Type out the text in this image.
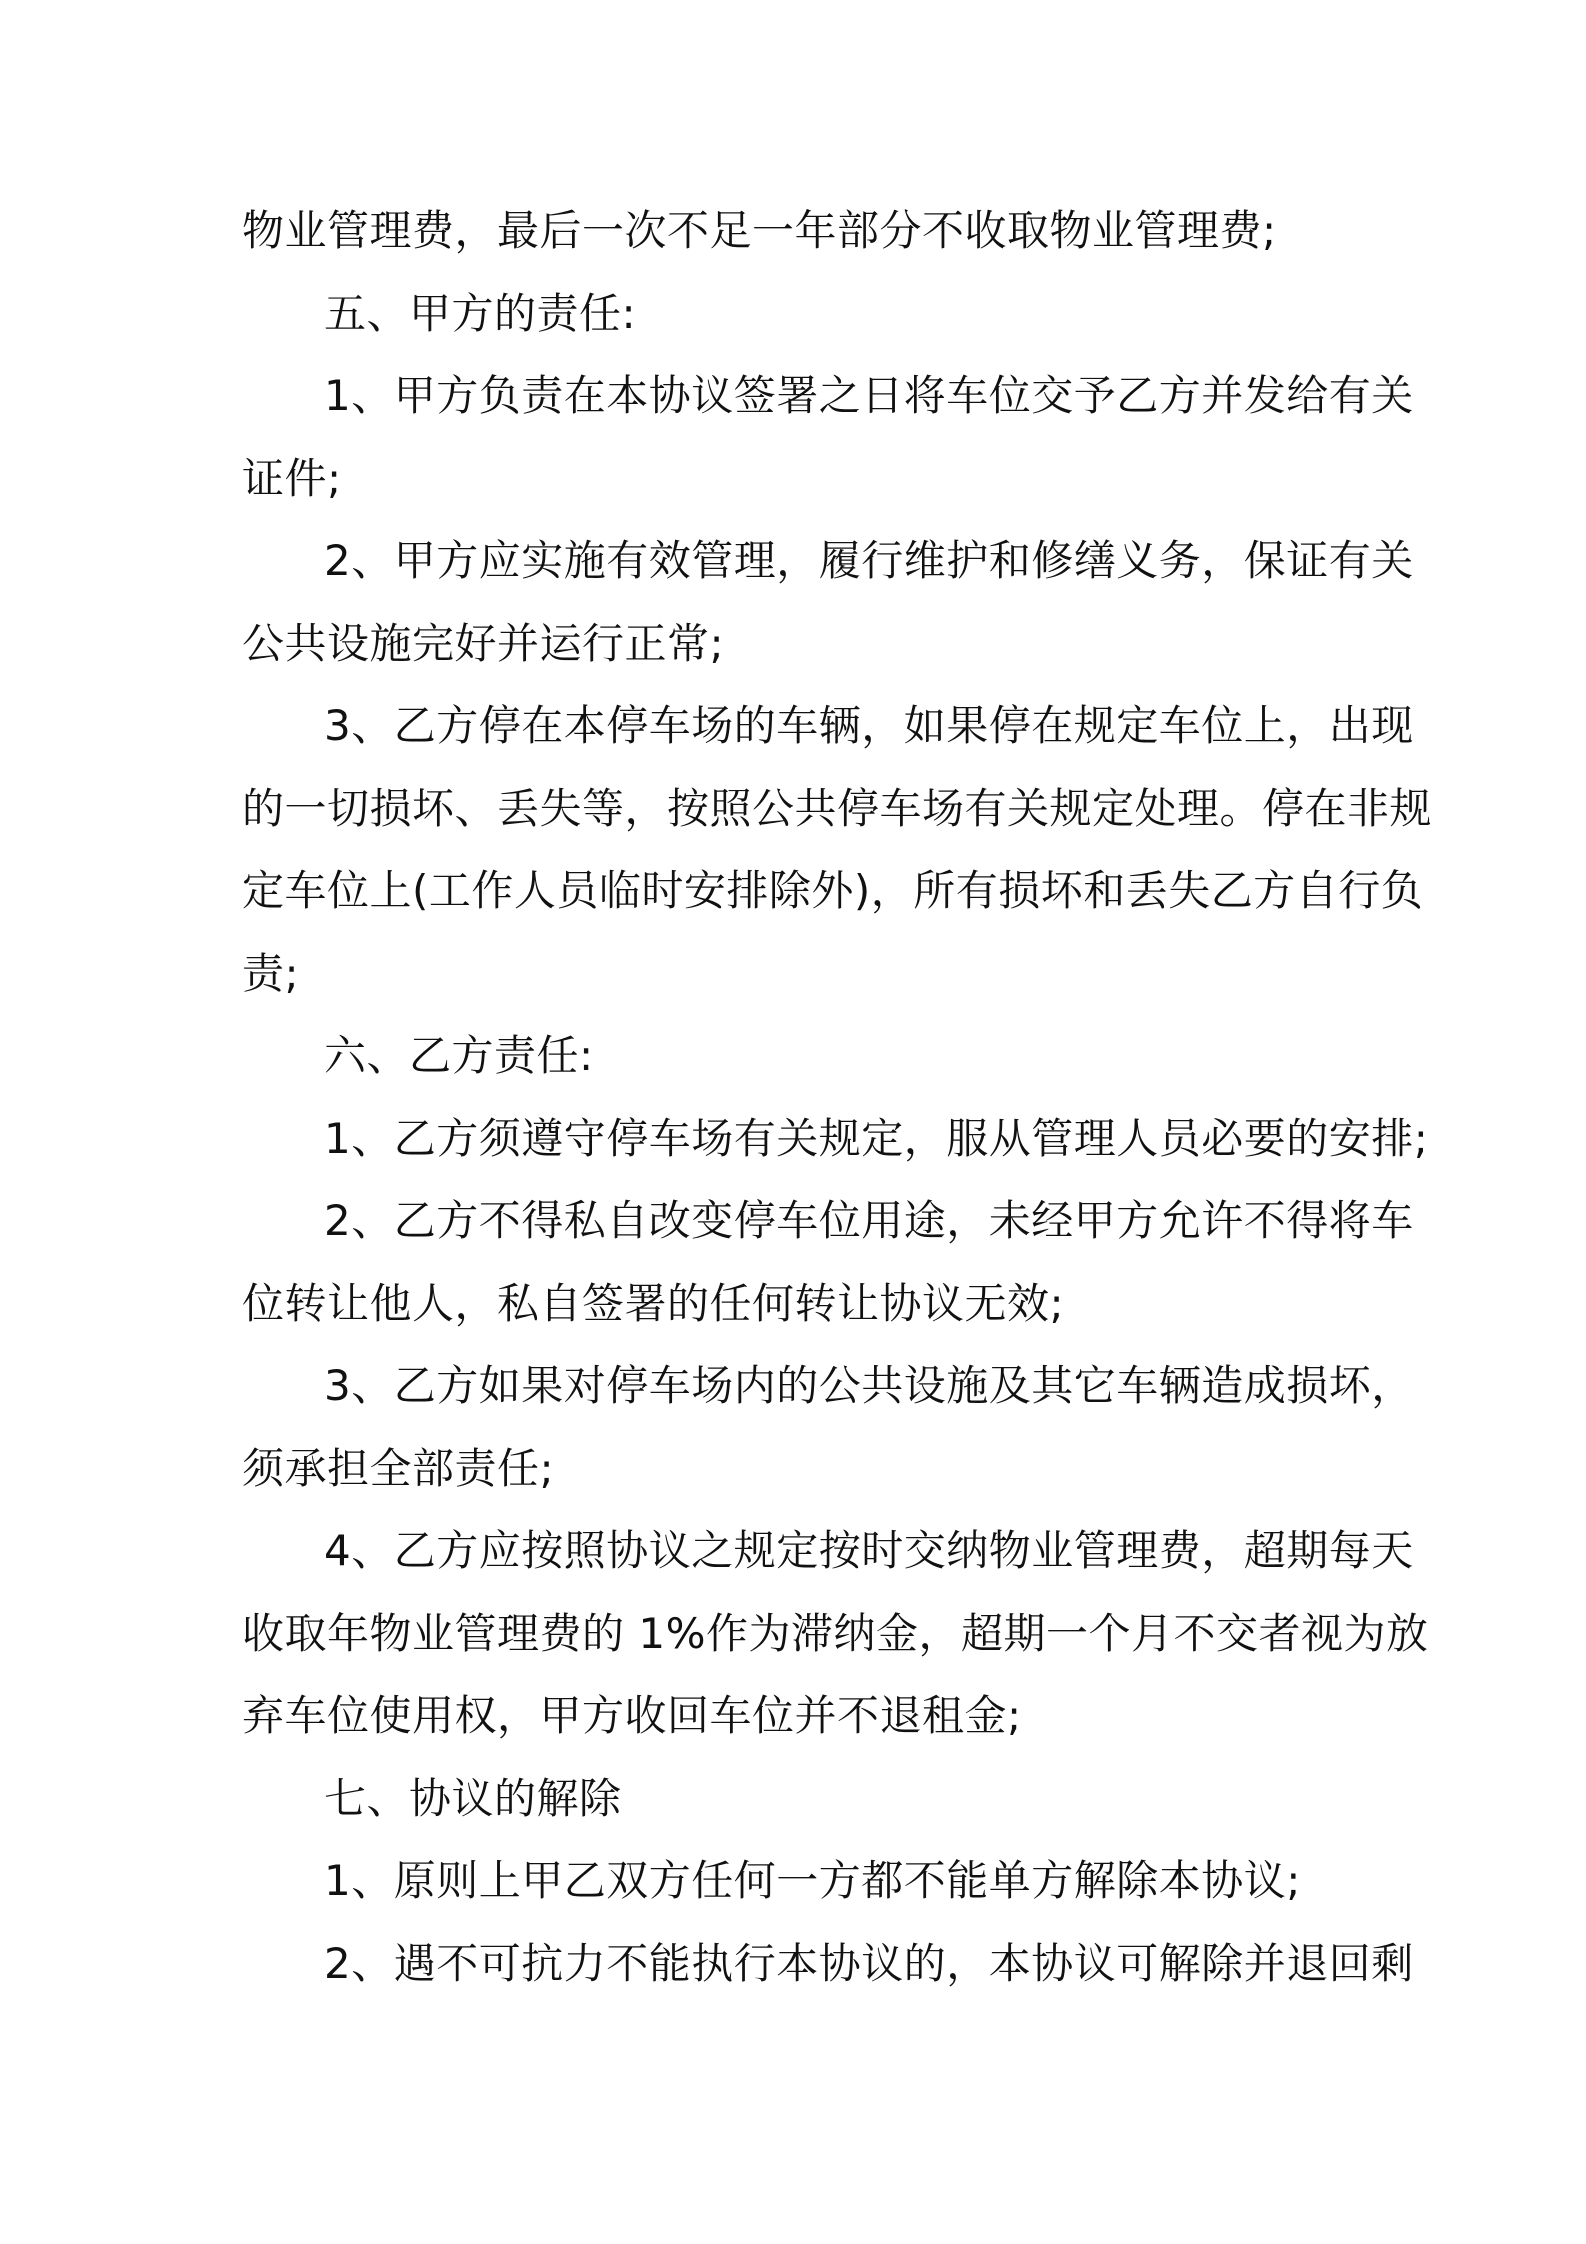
物业管理费，最后一次不足一年部分不收取物业管理费;
五、甲方的责任:
1、甲方负责在本协议签署之日将车位交予乙方并发给有关
证件;
2、甲方应实施有效管理，履行维护和修缮义务，保证有关
公共设施完好并运行正常;
3、乙方停在本停车场的车辆，如果停在规定车位上，出现
的一切损坏、丢失等，按照公共停车场有关规定处理。停在非规
定车位上(工作人员临时安排除外)，所有损坏和丢失乙方自行负
责;
六、乙方责任:
1、乙方须遵守停车场有关规定，服从管理人员必要的安排;
2、乙方不得私自改变停车位用途，未经甲方允许不得将车
位转让他人，私自签署的任何转让协议无效;
3、乙方如果对停车场内的公共设施及其它车辆造成损坏，
须承担全部责任;
4、乙方应按照协议之规定按时交纳物业管理费，超期每天
收取年物业管理费的 1%作为滞纳金，超期一个月不交者视为放
弃车位使用权，甲方收回车位并不退租金;
七、协议的解除
1、原则上甲乙双方任何一方都不能单方解除本协议;
2、遇不可抗力不能执行本协议的，本协议可解除并退回剩
